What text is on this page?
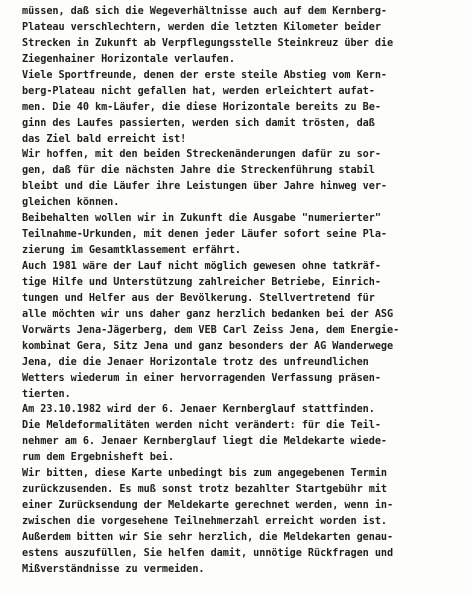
müssen, daß sich die Wegeverhältnisse auch auf dem Kernberg-
Plateau verschlechtern, werden die letzten Kilometer beider
Strecken in Zukunft ab Verpflegungsstelle Steinkreuz über die
Ziegenhainer Horizontale verlaufen.
Viele Sportfreunde, denen der erste steile Abstieg vom Kern-
berg-Plateau nicht gefallen hat, werden erleichtert aufat-
men. Die 40 km-Läufer, die diese Horizontale bereits zu Be-
ginn des Laufes passierten, werden sich damit trösten, daß
das Ziel bald erreicht ist!
Wir hoffen, mit den beiden Streckenänderungen dafür zu sor-
gen, daß für die nächsten Jahre die Streckenführung stabil
bleibt und die Läufer ihre Leistungen über Jahre hinweg ver-
gleichen können.
Beibehalten wollen wir in Zukunft die Ausgabe "numerierter"
Teilnahme-Urkunden, mit denen jeder Läufer sofort seine Pla-
zierung im Gesamtklassement erfährt.
Auch 1981 wäre der Lauf nicht möglich gewesen ohne tatkräf-
tige Hilfe und Unterstützung zahlreicher Betriebe, Einrich-
tungen und Helfer aus der Bevölkerung. Stellvertretend für
alle möchten wir uns daher ganz herzlich bedanken bei der ASG
Vorwärts Jena-Jägerberg, dem VEB Carl Zeiss Jena, dem Energie-
kombinat Gera, Sitz Jena und ganz besonders der AG Wanderwege
Jena, die die Jenaer Horizontale trotz des unfreundlichen
Wetters wiederum in einer hervorragenden Verfassung präsen-
tierten.
Am 23.10.1982 wird der 6. Jenaer Kernberglauf stattfinden.
Die Meldeformalitäten werden nicht verändert: für die Teil-
nehmer am 6. Jenaer Kernberglauf liegt die Meldekarte wiede-
rum dem Ergebnisheft bei.
Wir bitten, diese Karte unbedingt bis zum angegebenen Termin
zurückzusenden. Es muß sonst trotz bezahlter Startgebühr mit
einer Zurücksendung der Meldekarte gerechnet werden, wenn in-
zwischen die vorgesehene Teilnehmerzahl erreicht worden ist.
Außerdem bitten wir Sie sehr herzlich, die Meldekarten genau-
estens auszufüllen, Sie helfen damit, unnötige Rückfragen und
Mißverständnisse zu vermeiden.
